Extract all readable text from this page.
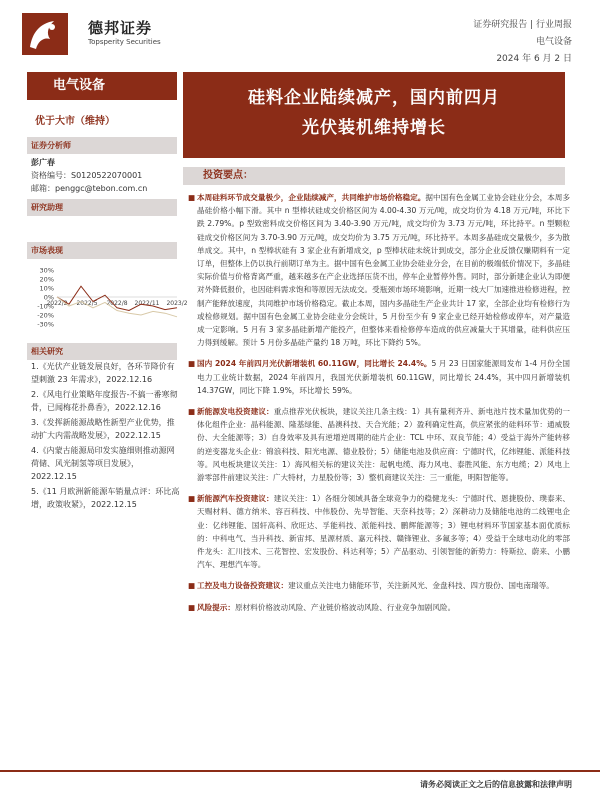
德邦证券
Topsperity Securities
证券研究报告 | 行业周报
电气设备
2024 年 6 月 2 日
电气设备
硅料企业陆续减产，国内前四月
光伏装机维持增长
优于大市（维持）
证券分析师
彭广春
资格编号：S0120522070001
邮箱：penggc@tebon.com.cn
研究助理
市场表现
30%
20%
10%
0%
-10%
-20%
-30%
2022/2 2022/5 2022/8 2022/11 2023/2
相关研究
1.《光伏产业链发展良好，各环节降价有望刺激 23 年需求》，2022.12.16
2.《风电行业策略年度报告-不搞一番寒彻骨，已闻梅花扑鼻香》，2022.12.16
3.《发挥新能源战略性新型产业优势，推动扩大内需战略发展》，2022.12.15
4.《内蒙古能源局印发实施细则推动源网荷储、风光制氢等项目发展》，2022.12.15
5.《11 月欧洲新能源车销量点评：环比高增，政策收紧》，2022.12.15
投资要点：
■ 本周硅料环节成交量极少，企业陆续减产，共同维护市场价格稳定。据中国有色金属工业协会硅业分会，本周多晶硅价格小幅下滑。其中 n 型棒状硅成交价格区间为 4.00-4.30 万元/吨，成交均价为 4.18 万元/吨，环比下跌 2.79%。p 型致密料成交价格区间为 3.40-3.90 万元/吨，成交均价为 3.73 万元/吨，环比持平。n 型颗粒硅成交价格区间为 3.70-3.90 万元/吨，成交均价为 3.75 万元/吨，环比持平。本周多晶硅成交量极少，多为散单成交。其中，n 型棒状硅有 3 家企业有新增成交，p 型棒状硅未统计到成交，部分企业反馈仅赚期料有一定订单，但整体上仍以执行前期订单为主。据中国有色金属工业协会硅业分会，在目前的极端低价情况下，多晶硅实际价值与价格背离严重，越来越多在产企业选择压货不出，停车企业暂停外售。同时，部分新建企业认为即便对外降低报价，也因硅料需求饱和等原因无法成交。受瓶颈市场环境影响，近期一线大厂加速推进检修进程，控制产能释放速度，共同维护市场价格稳定。截止本周，国内多晶硅生产企业共计 17 家，全部企业均有检修行为或检修规划。据中国有色金属工业协会硅业分会统计，5 月份至少有 9 家企业已经开始检修或停车，对产量造成一定影响。5 月有 3 家多晶硅新增产能投产，但整体来看检修停车造成的供应减量大于其增量，硅料供应压力得到缓解。预计 5 月份多晶硅产量约 18 万吨，环比下降约 5%。
■ 国内 2024 年前四月光伏新增装机 60.11GW，同比增长 24.4%。5 月 23 日国家能源局发布 1-4 月份全国电力工业统计数据，2024 年前四月，我国光伏新增装机 60.11GW，同比增长 24.4%，其中四月新增装机 14.37GW，同比下降 1.9%，环比增长 59%。
■ 新能源发电投资建议：重点推荐光伏板块，建议关注几条主线：1）具有量利齐升、新电池片技术量加优势的一体化组件企业：晶科能源、隆基绿能、晶澳科技、天合光能；2）盈利确定性高，供应紧张的硅料环节：通威股份、大全能源等；3）自身效率及具有逆增逆周期的硅片企业：TCL 中环、双良节能；4）受益于海外产能转移的逆变器龙头企业：锦浪科技、阳光电源、德业股份；5）储能电池及供应商：宁德时代，亿纬锂能、派能科技等。风电板块建议关注：1）海风相关标的建议关注：起帆电缆、海力风电、泰胜风能、东方电缆；2）风电上游零部件前建议关注：广大特材，力星股份等；3）整机商建议关注：三一重能，明阳智能等。
■ 新能源汽车投资建议：建议关注：1）各细分领域具备全球竞争力的稳健龙头：宁德时代、恩捷股份、璞泰来、天赐材料、德方纳米、容百科技、中伟股份、先导智能、天奈科技等；2）深耕动力及储能电池的二线锂电企业：亿纬锂能、国轩高科、欣旺达、孚能科技、派能科技、鹏辉能源等；3）锂电材料环节国家基本面优质标的：中科电气、当升科技、新宙邦、星源材质、嘉元科技、赣锋锂业、多氟多等；4）受益于全球电动化的零部件龙头：汇川技术、三花智控、宏发股份、科达利等；5）产品驱动、引领智能的新势力：特斯拉、蔚来、小鹏汽车、理想汽车等。
■ 工控及电力设备投资建议：建议重点关注电力储能环节，关注新风光、金盘科技、四方股份、国电南瑞等。
■ 风险提示：原材料价格波动风险、产业链价格波动风险、行业竞争加剧风险。
请务必阅读正文之后的信息披露和法律声明
